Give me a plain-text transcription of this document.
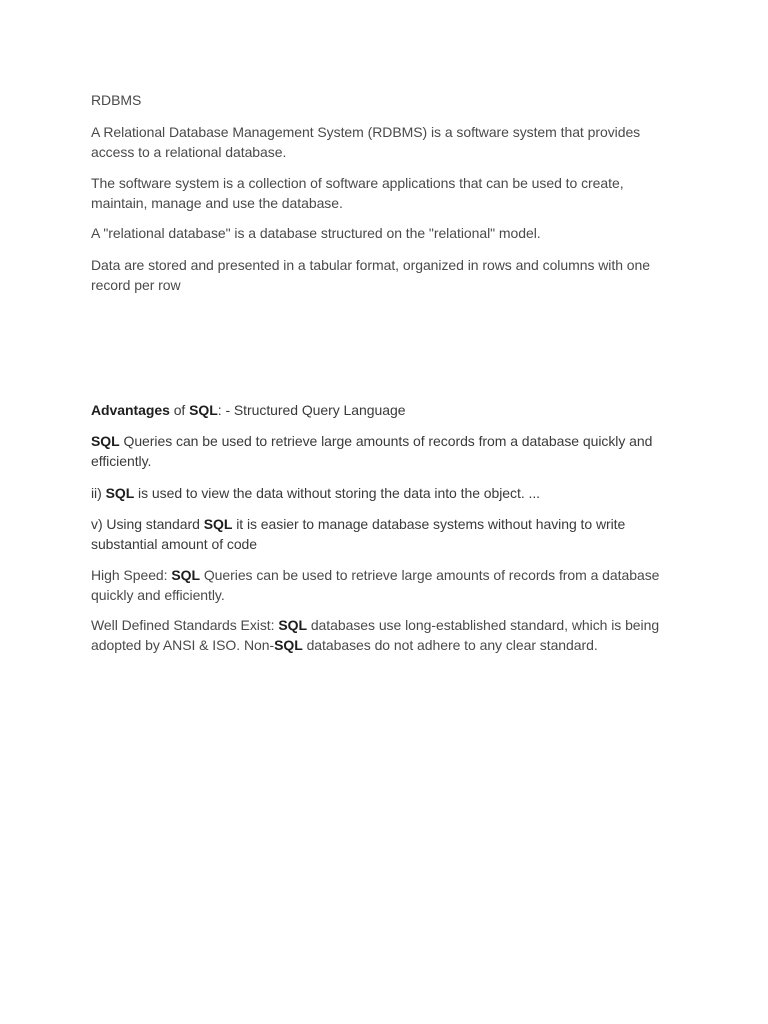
RDBMS
A Relational Database Management System (RDBMS) is a software system that provides access to a relational database.
The software system is a collection of software applications that can be used to create, maintain, manage and use the database.
A "relational database" is a database structured on the "relational" model.
Data are stored and presented in a tabular format, organized in rows and columns with one record per row
Advantages of SQL: - Structured Query Language
SQL Queries can be used to retrieve large amounts of records from a database quickly and efficiently.
ii) SQL is used to view the data without storing the data into the object. ...
v) Using standard SQL it is easier to manage database systems without having to write substantial amount of code
High Speed: SQL Queries can be used to retrieve large amounts of records from a database quickly and efficiently.
Well Defined Standards Exist: SQL databases use long-established standard, which is being adopted by ANSI & ISO. Non-SQL databases do not adhere to any clear standard.
